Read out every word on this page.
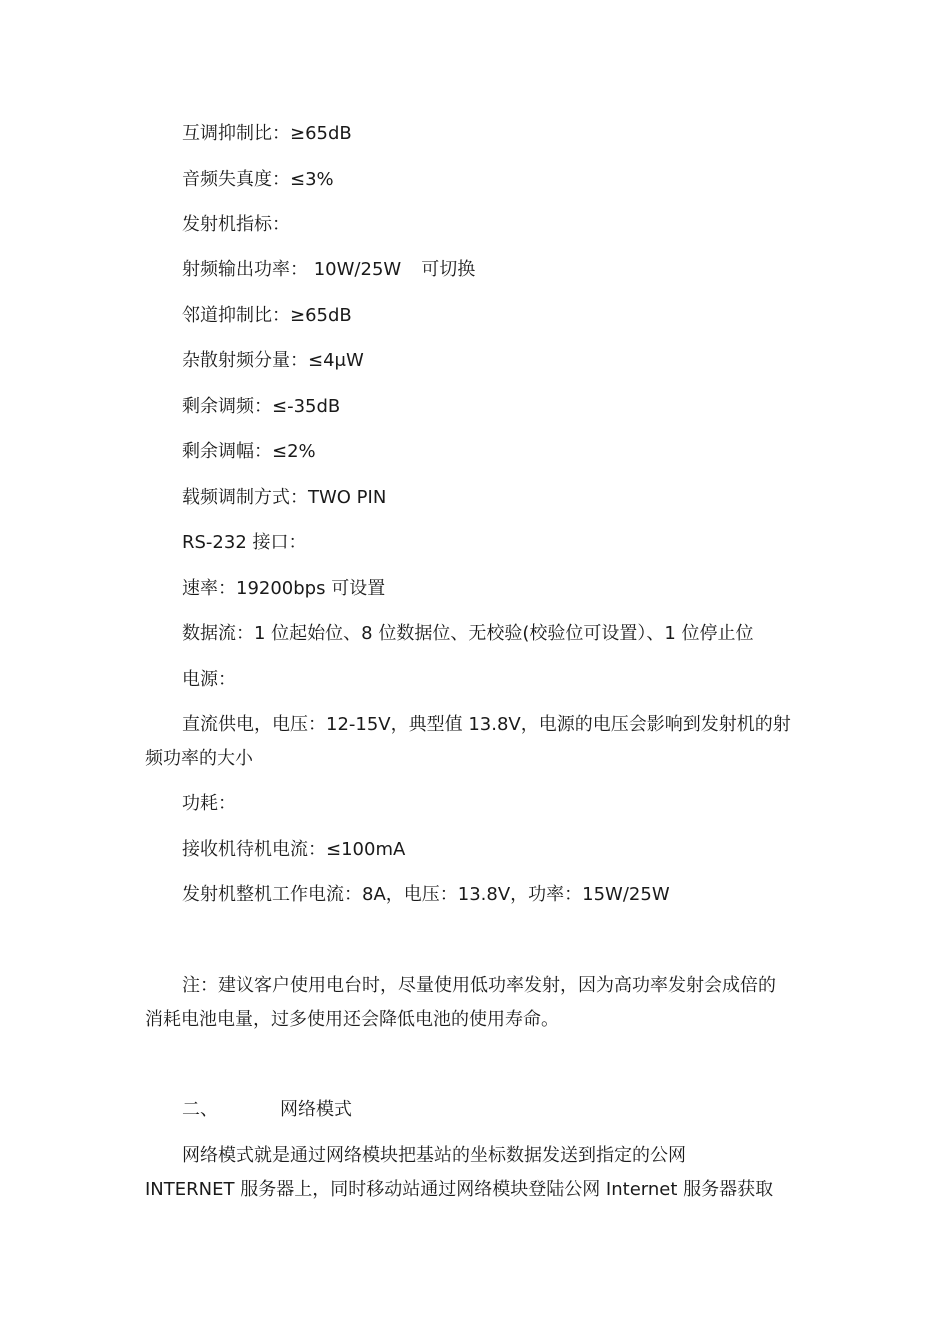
互调抑制比：≥65dB
音频失真度：≤3%
发射机指标：
射频输出功率： 10W/25W 可切换
邻道抑制比：≥65dB
杂散射频分量：≤4μW
剩余调频：≤-35dB
剩余调幅：≤2%
载频调制方式：TWO PIN
RS-232 接口：
速率：19200bps 可设置
数据流：1 位起始位、8 位数据位、无校验(校验位可设置）、1 位停止位
电源：
直流供电，电压：12-15V，典型值 13.8V，电源的电压会影响到发射机的射
频功率的大小
功耗：
接收机待机电流：≤100mA
发射机整机工作电流：8A，电压：13.8V，功率：15W/25W
注：建议客户使用电台时，尽量使用低功率发射，因为高功率发射会成倍的
消耗电池电量，过多使用还会降低电池的使用寿命。
二、	网络模式
网络模式就是通过网络模块把基站的坐标数据发送到指定的公网
INTERNET 服务器上，同时移动站通过网络模块登陆公网 Internet 服务器获取
